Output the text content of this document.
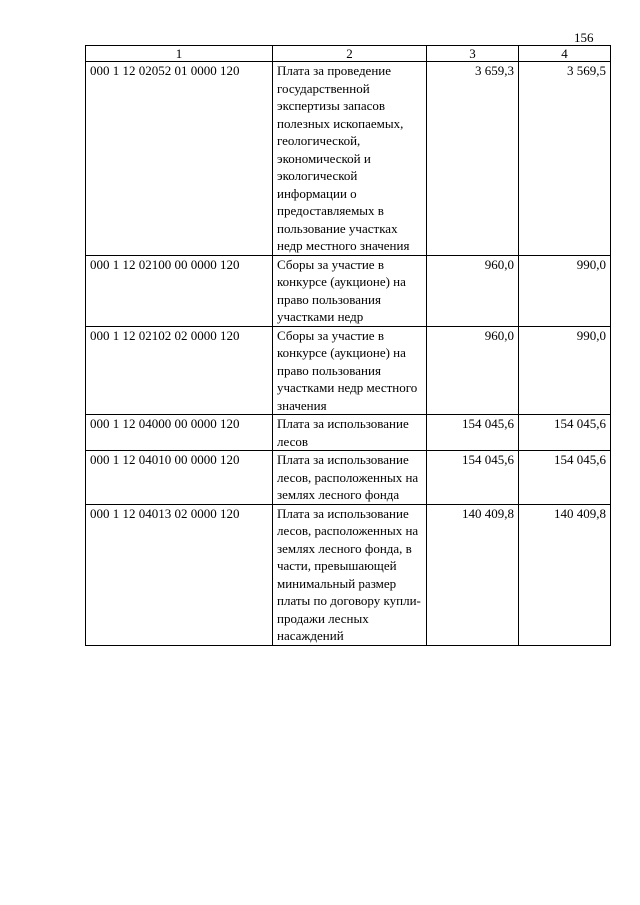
156
1	2	3	4
000 1 12 02052 01 0000 120	Плата за проведение государственной экспертизы запасов полезных ископаемых, геологической, экономической и экологической информации о предоставляемых в пользование участках недр местного значения	3 659,3	3 569,5
000 1 12 02100 00 0000 120	Сборы за участие в конкурсе (аукционе) на право пользования участками недр	960,0	990,0
000 1 12 02102 02 0000 120	Сборы за участие в конкурсе (аукционе) на право пользования участками недр местного значения	960,0	990,0
000 1 12 04000 00 0000 120	Плата за использование лесов	154 045,6	154 045,6
000 1 12 04010 00 0000 120	Плата за использование лесов, расположенных на землях лесного фонда	154 045,6	154 045,6
000 1 12 04013 02 0000 120	Плата за использование лесов, расположенных на землях лесного фонда, в части, превышающей минимальный размер платы по договору купли-продажи лесных насаждений	140 409,8	140 409,8
